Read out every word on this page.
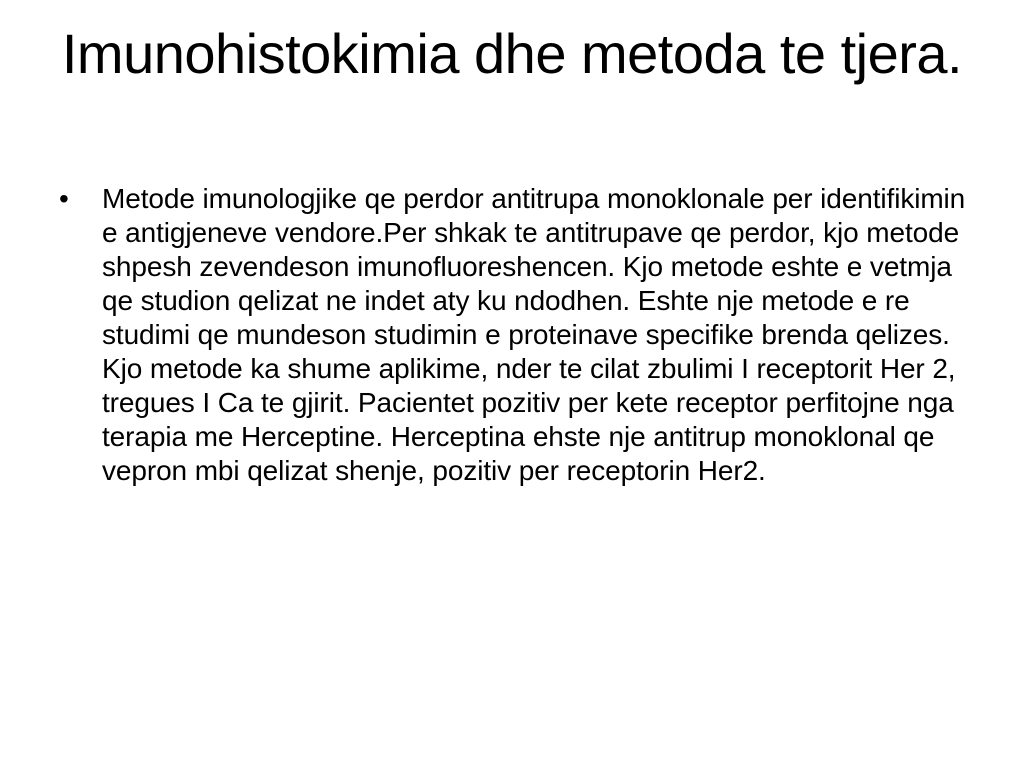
Imunohistokimia dhe metoda te tjera.
•	Metode imunologjike qe perdor antitrupa monoklonale per identifikimin e antigjeneve vendore.Per shkak te antitrupave qe perdor, kjo metode shpesh zevendeson imunofluoreshencen. Kjo metode eshte e vetmja qe studion qelizat ne indet aty ku ndodhen. Eshte nje metode e re studimi qe mundeson studimin e proteinave specifike brenda qelizes. Kjo metode ka shume aplikime, nder te cilat zbulimi I receptorit Her 2, tregues I Ca te gjirit. Pacientet pozitiv per kete receptor perfitojne nga terapia me Herceptine. Herceptina ehste nje antitrup monoklonal qe vepron mbi qelizat shenje, pozitiv per receptorin Her2.
